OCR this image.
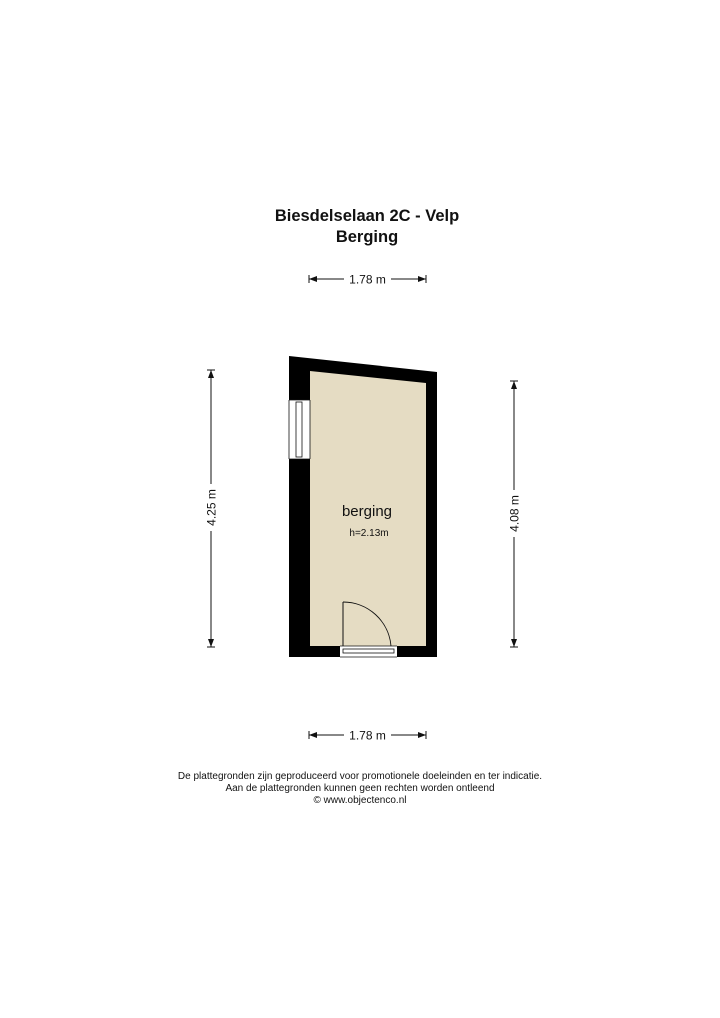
Biesdelselaan 2C - Velp
Berging
1.78 m
1.78 m
4.25 m	4.08 m
berging
h=2.13m
De plattegronden zijn geproduceerd voor promotionele doeleinden en ter indicatie.
Aan de plattegronden kunnen geen rechten worden ontleend
© www.objectenco.nl
